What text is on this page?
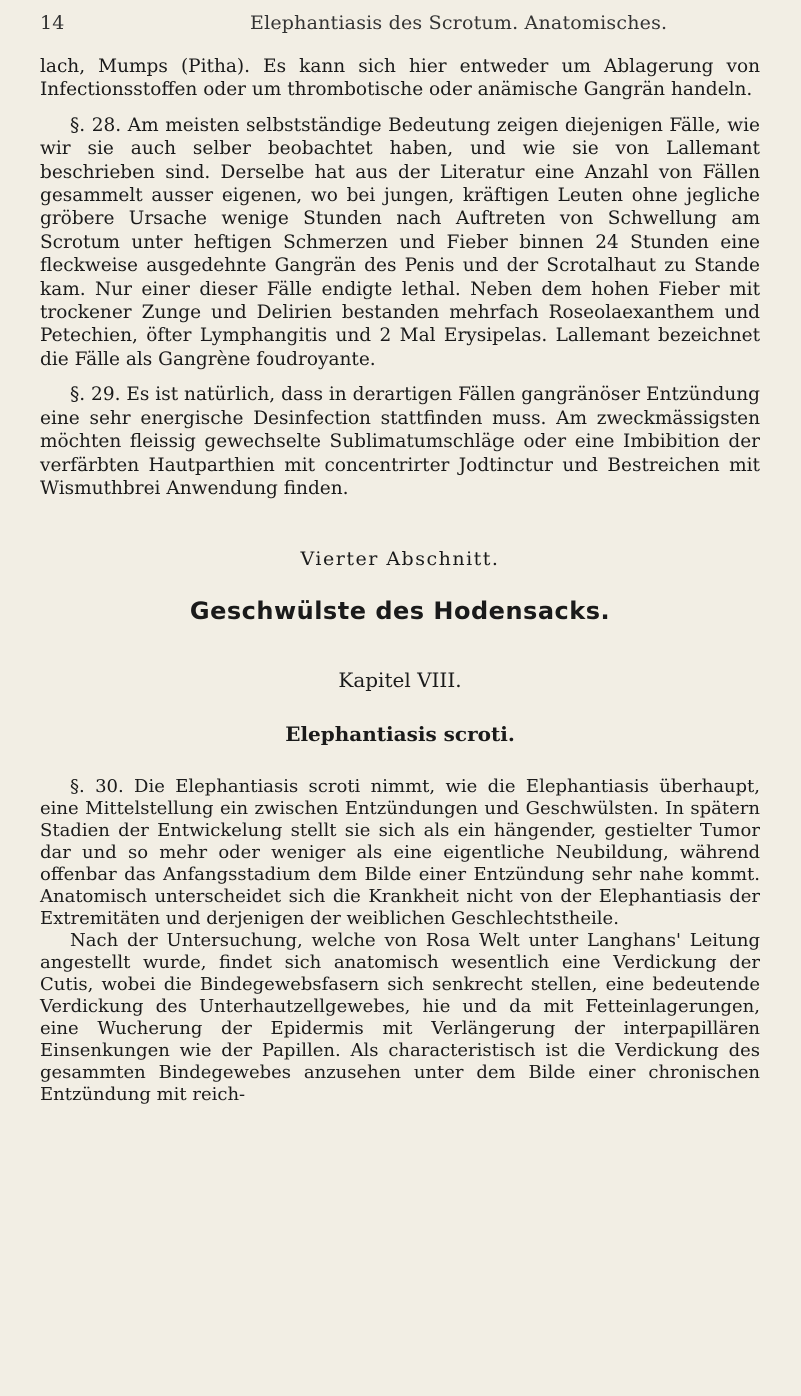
14	Elephantiasis des Scrotum. Anatomisches.

lach, Mumps (Pitha). Es kann sich hier entweder um Ablagerung von Infectionsstoffen oder um thrombotische oder anämische Gangrän handeln.

§. 28. Am meisten selbstständige Bedeutung zeigen diejenigen Fälle, wie wir sie auch selber beobachtet haben, und wie sie von Lallemant beschrieben sind. Derselbe hat aus der Literatur eine Anzahl von Fällen gesammelt ausser eigenen, wo bei jungen, kräftigen Leuten ohne jegliche gröbere Ursache wenige Stunden nach Auftreten von Schwellung am Scrotum unter heftigen Schmerzen und Fieber binnen 24 Stunden eine fleckweise ausgedehnte Gangrän des Penis und der Scrotalhaut zu Stande kam. Nur einer dieser Fälle endigte lethal. Neben dem hohen Fieber mit trockener Zunge und Delirien bestanden mehrfach Roseolaexanthem und Petechien, öfter Lymphangitis und 2 Mal Erysipelas. Lallemant bezeichnet die Fälle als Gangrène foudroyante.

§. 29. Es ist natürlich, dass in derartigen Fällen gangränöser Entzündung eine sehr energische Desinfection stattfinden muss. Am zweckmässigsten möchten fleissig gewechselte Sublimatumschläge oder eine Imbibition der verfärbten Hautparthien mit concentrirter Jodtinctur und Bestreichen mit Wismuthbrei Anwendung finden.

Vierter Abschnitt.
Geschwülste des Hodensacks.
Kapitel VIII.
Elephantiasis scroti.

§. 30. Die Elephantiasis scroti nimmt, wie die Elephantiasis überhaupt, eine Mittelstellung ein zwischen Entzündungen und Geschwülsten. In spätern Stadien der Entwickelung stellt sie sich als ein hängender, gestielter Tumor dar und so mehr oder weniger als eine eigentliche Neubildung, während offenbar das Anfangsstadium dem Bilde einer Entzündung sehr nahe kommt. Anatomisch unterscheidet sich die Krankheit nicht von der Elephantiasis der Extremitäten und derjenigen der weiblichen Geschlechtstheile.

Nach der Untersuchung, welche von Rosa Welt unter Langhans' Leitung angestellt wurde, findet sich anatomisch wesentlich eine Verdickung der Cutis, wobei die Bindegewebsfasern sich senkrecht stellen, eine bedeutende Verdickung des Unterhautzellgewebes, hie und da mit Fetteinlagerungen, eine Wucherung der Epidermis mit Verlängerung der interpapillären Einsenkungen wie der Papillen. Als characteristisch ist die Verdickung des gesammten Bindegewebes anzusehen unter dem Bilde einer chronischen Entzündung mit reich-
